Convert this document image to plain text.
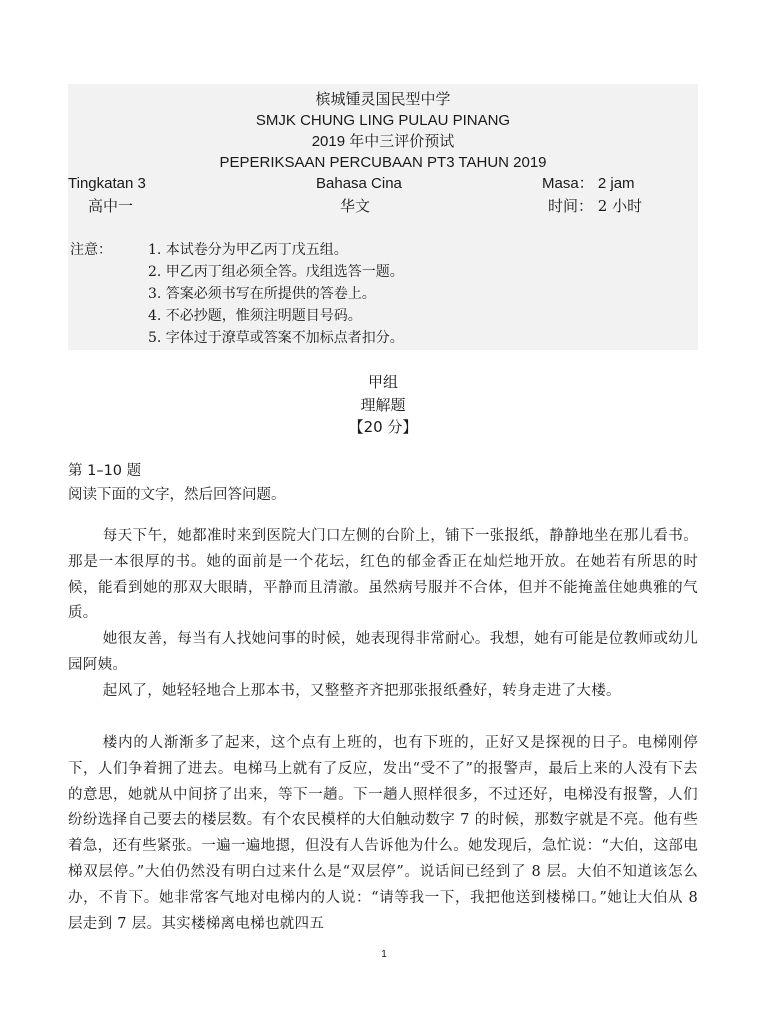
槟城锺灵国民型中学
SMJK CHUNG LING PULAU PINANG
2019 年中三评价预试
PEPERIKSAAN PERCUBAAN PT3 TAHUN 2019
Tingkatan 3	Bahasa Cina	Masa： 2 jam
高中一	华文	时间： 2 小时
注意：	1. 本试卷分为甲乙丙丁戊五组。
2. 甲乙丙丁组必须全答。戊组选答一题。
3. 答案必须书写在所提供的答卷上。
4. 不必抄题，惟须注明题目号码。
5. 字体过于潦草或答案不加标点者扣分。
甲组
理解题
【20 分】
第 1–10 题
阅读下面的文字，然后回答问题。

每天下午，她都准时来到医院大门口左侧的台阶上，铺下一张报纸，静静地坐在那儿看书。那是一本很厚的书。她的面前是一个花坛，红色的郁金香正在灿烂地开放。在她若有所思的时候，能看到她的那双大眼睛，平静而且清澈。虽然病号服并不合体，但并不能掩盖住她典雅的气质。

她很友善，每当有人找她问事的时候，她表现得非常耐心。我想，她有可能是位教师或幼儿园阿姨。

起风了，她轻轻地合上那本书，又整整齐齐把那张报纸叠好，转身走进了大楼。

楼内的人渐渐多了起来，这个点有上班的，也有下班的，正好又是探视的日子。电梯刚停下，人们争着拥了进去。电梯马上就有了反应，发出“受不了”的报警声，最后上来的人没有下去的意思，她就从中间挤了出来，等下一趟。下一趟人照样很多，不过还好，电梯没有报警，人们纷纷选择自己要去的楼层数。有个农民模样的大伯触动数字 7 的时候，那数字就是不亮。他有些着急，还有些紧张。一遍一遍地摁，但没有人告诉他为什么。她发现后，急忙说：“大伯，这部电梯双层停。”大伯仍然没有明白过来什么是“双层停”。说话间已经到了 8 层。大伯不知道该怎么办，不肯下。她非常客气地对电梯内的人说：“请等我一下，我把他送到楼梯口。”她让大伯从 8 层走到 7 层。其实楼梯离电梯也就四五

1
